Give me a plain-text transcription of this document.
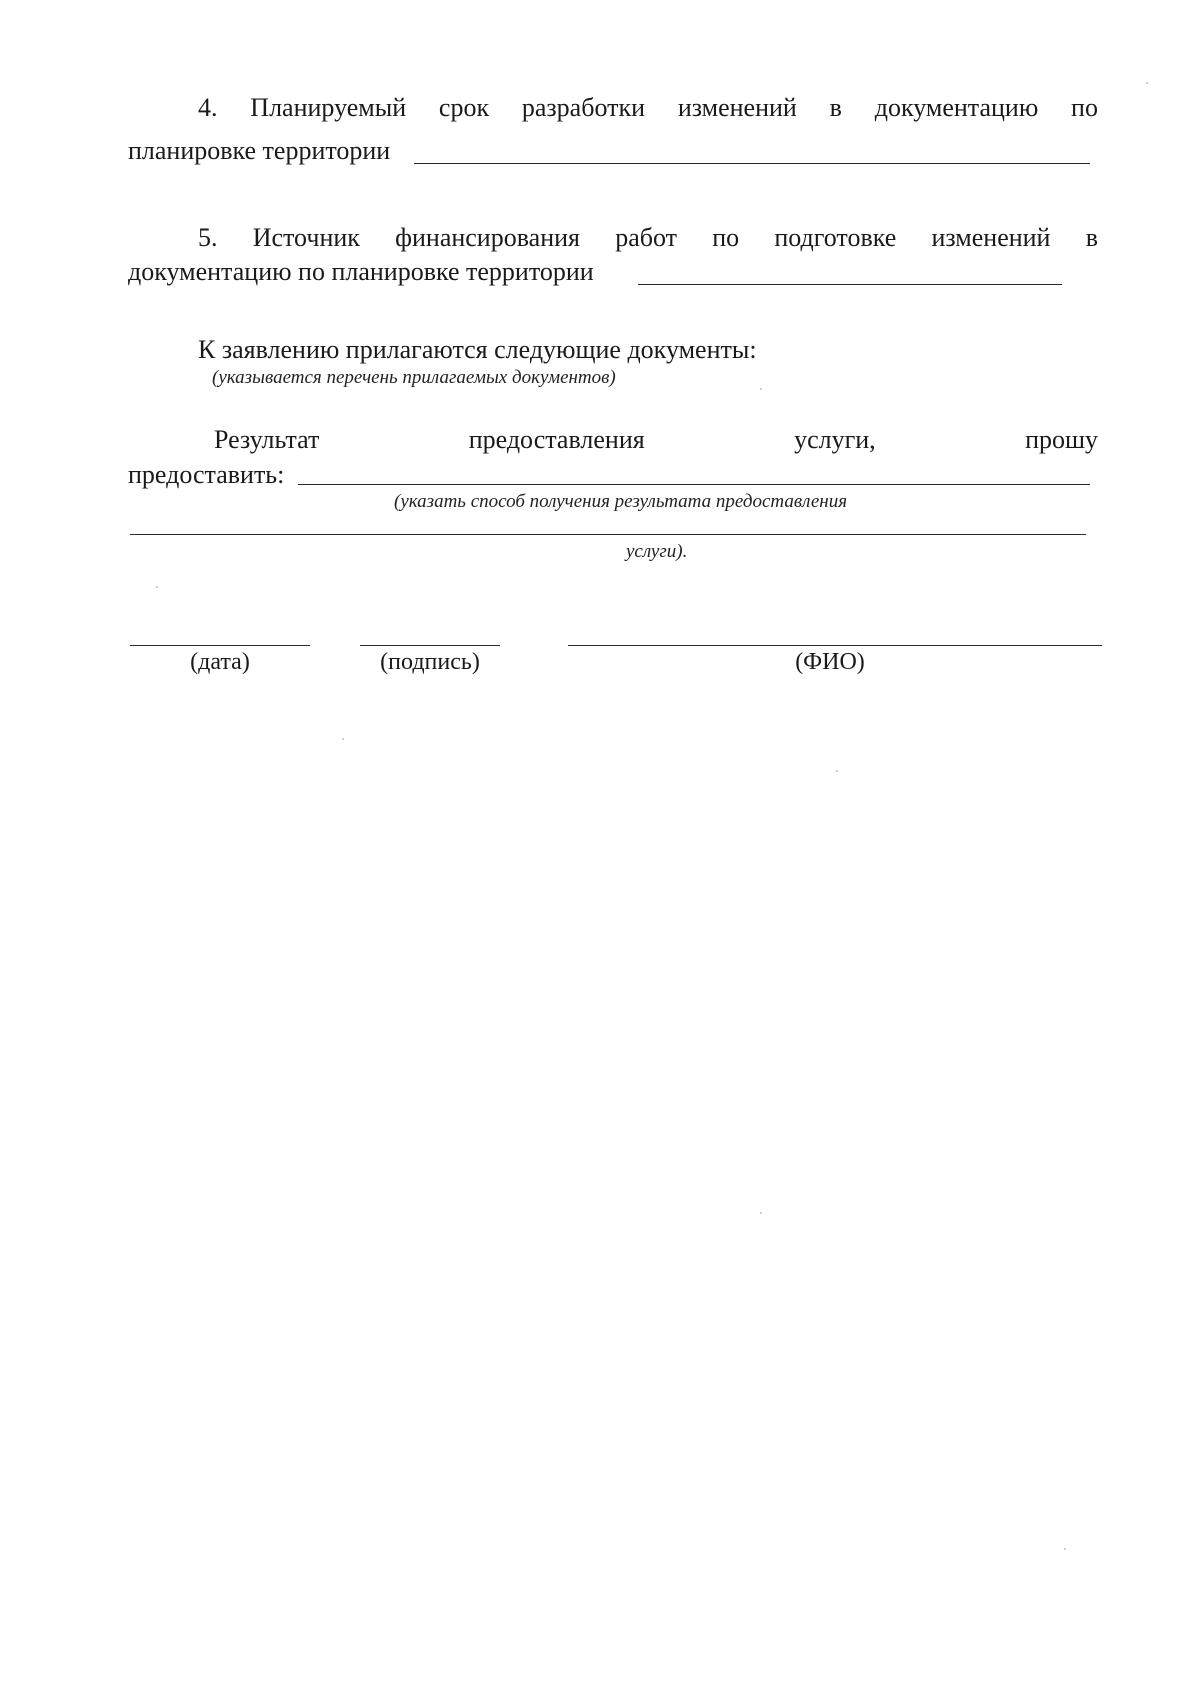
4. Планируемый срок разработки изменений в документацию по
планировке территории
5. Источник финансирования работ по подготовке изменений в
документацию по планировке территории
К заявлению прилагаются следующие документы:
(указывается перечень прилагаемых документов)
Результат	предоставления	услуги,	прошу
предоставить:
(указать способ получения результата предоставления
услуги).
(дата)	(подпись)	(ФИО)
